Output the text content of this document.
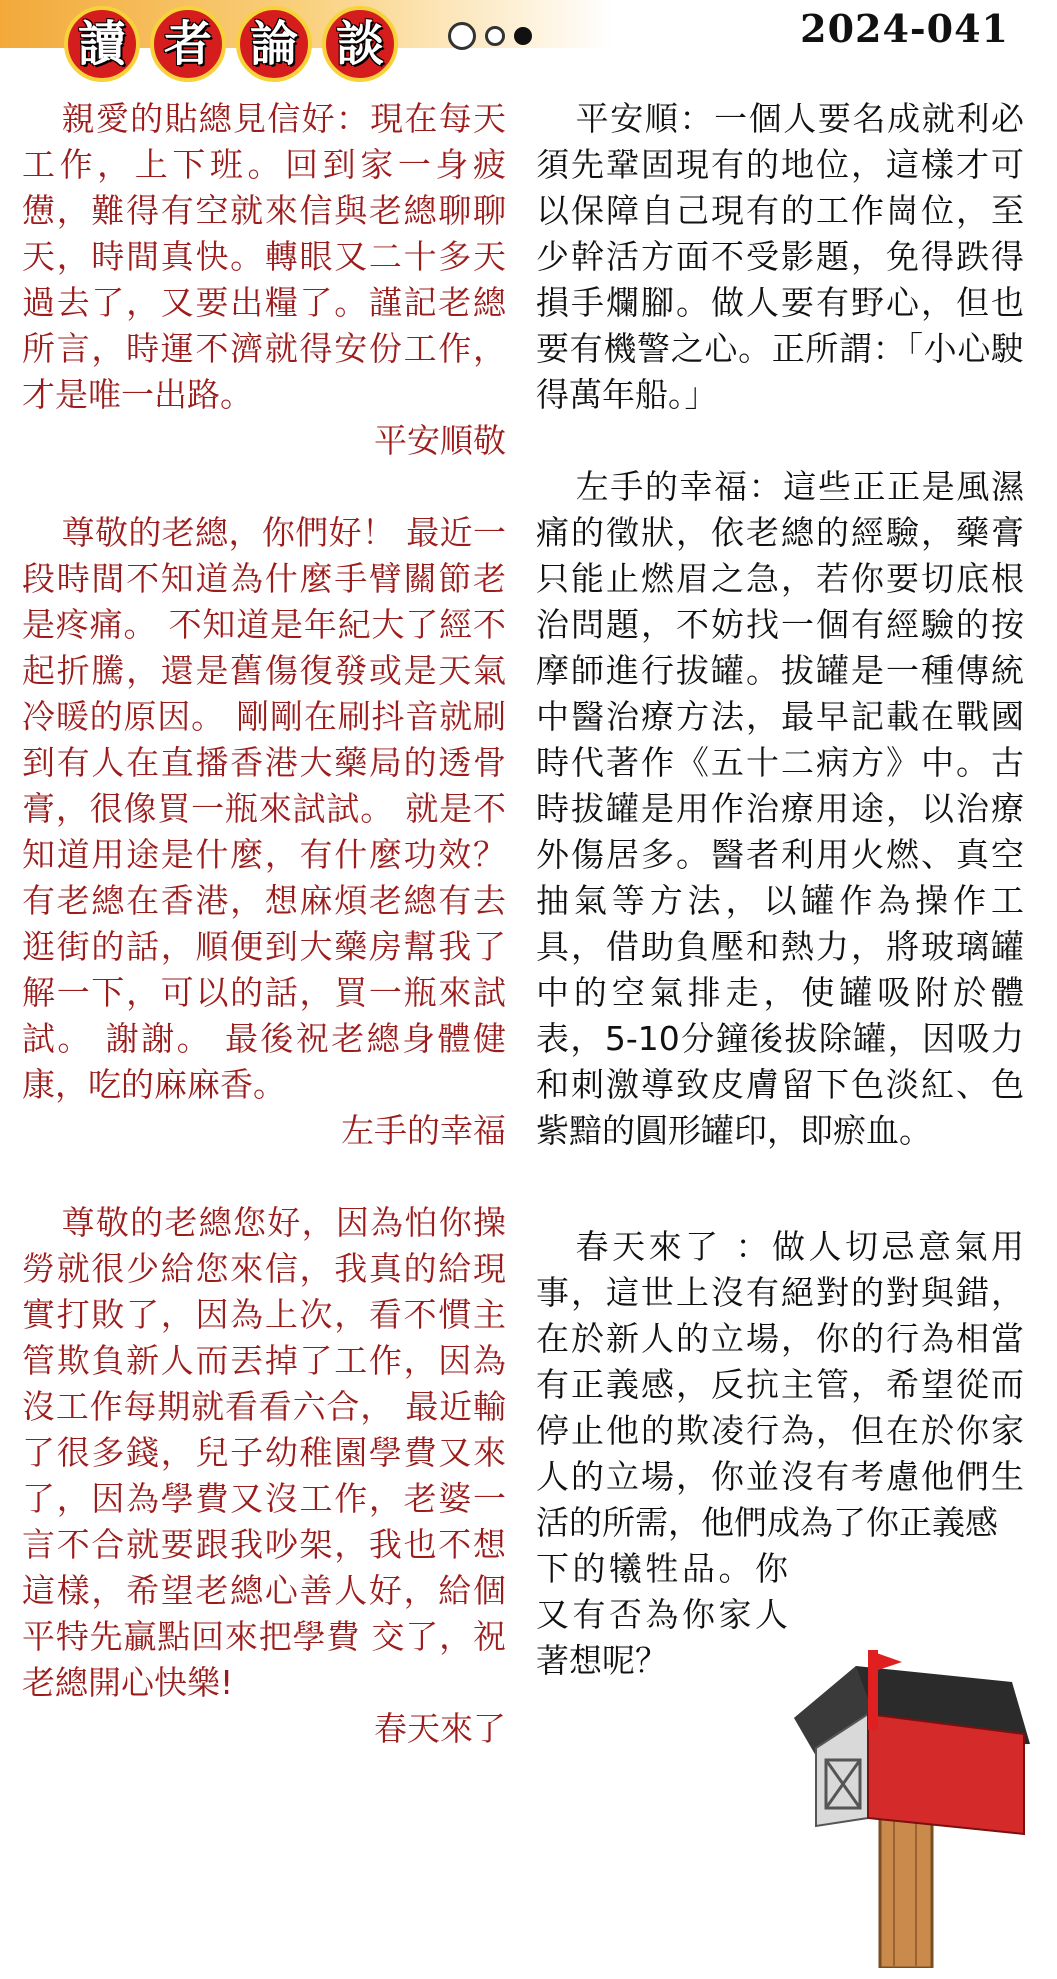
讀 者 論 談	2024-041

親愛的貼總見信好：現在每天工作，上下班。回到家一身疲憊，難得有空就來信與老總聊聊天，時間真快。轉眼又二十多天過去了，又要出糧了。謹記老總所言，時運不濟就得安份工作，才是唯一出路。

平安順敬

尊敬的老總，你們好！ 最近一段時間不知道為什麼手臂關節老是疼痛。 不知道是年紀大了經不起折騰，還是舊傷復發或是天氣冷暖的原因。 剛剛在刷抖音就刷到有人在直播香港大藥局的透骨膏，很像買一瓶來試試。 就是不知道用途是什麼，有什麼功效？ 有老總在香港，想麻煩老總有去逛街的話，順便到大藥房幫我了解一下，可以的話，買一瓶來試試。 謝謝。 最後祝老總身體健康，吃的麻麻香。

左手的幸福

尊敬的老總您好，因為怕你操勞就很少給您來信，我真的給現實打敗了，因為上次，看不慣主管欺負新人而丟掉了工作，因為沒工作每期就看看六合， 最近輸了很多錢，兒子幼稚園學費又來了，因為學費又沒工作，老婆一言不合就要跟我吵架，我也不想這樣，希望老總心善人好，給個平特先贏點回來把學費 交了，祝老總開心快樂!

春天來了

平安順：一個人要名成就利必須先鞏固現有的地位，這樣才可以保障自己現有的工作崗位，至少幹活方面不受影題，免得跌得損手爛腳。做人要有野心，但也要有機警之心。正所謂：「小心駛得萬年船。」

左手的幸福：這些正正是風濕痛的徵狀，依老總的經驗，藥膏只能止燃眉之急，若你要切底根治問題，不妨找一個有經驗的按摩師進行拔罐。拔罐是一種傳統中醫治療方法，最早記載在戰國時代著作《五十二病方》中。古時拔罐是用作治療用途，以治療外傷居多。醫者利用火燃、真空抽氣等方法，以罐作為操作工具，借助負壓和熱力，將玻璃罐中的空氣排走，使罐吸附於體表，5-10分鐘後拔除罐，因吸力和刺激導致皮膚留下色淡紅、色紫黯的圓形罐印，即瘀血。

春天來了 ：做人切忌意氣用事，這世上沒有絕對的對與錯，在於新人的立場，你的行為相當有正義感，反抗主管，希望從而停止他的欺凌行為，但在於你家人的立場，你並沒有考慮他們生活的所需，他們成為了你正義感

下的犧牲品。你又有否為你家人著想呢？
